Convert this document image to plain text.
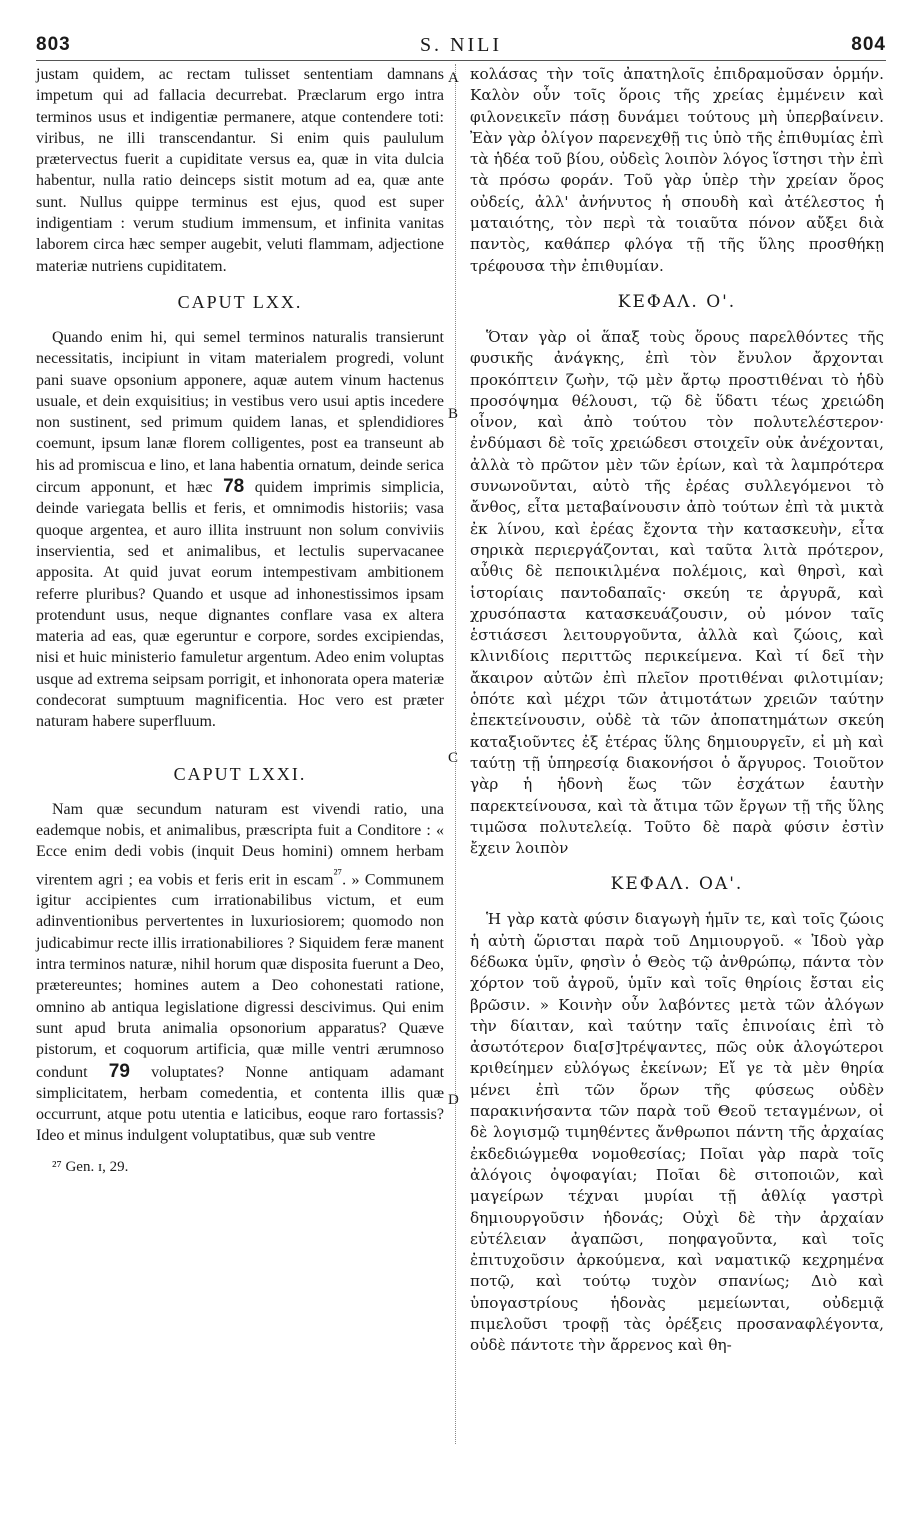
803	S. NILI	804
A
B
C
D

justam quidem, ac rectam tulisset sententiam damnans impetum qui ad fallacia decurrebat. Præclarum ergo intra terminos usus et indigentiæ permanere, atque contendere toti: viribus, ne illi transcendantur. Si enim quis paululum prætervectus fuerit a cupiditate versus ea, quæ in vita dulcia habentur, nulla ratio deinceps sistit motum ad ea, quæ ante sunt. Nullus quippe terminus est ejus, quod est super indigentiam : verum studium immensum, et infinita vanitas laborem circa hæc semper augebit, veluti flammam, adjectione materiæ nutriens cupiditatem.

CAPUT LXX.

Quando enim hi, qui semel terminos naturalis transierunt necessitatis, incipiunt in vitam materialem progredi, volunt pani suave opsonium apponere, aquæ autem vinum hactenus usuale, et dein exquisitius; in vestibus vero usui aptis incedere non sustinent, sed primum quidem lanas, et splendidiores coemunt, ipsum lanæ florem colligentes, post ea transeunt ab his ad promiscua e lino, et lana habentia ornatum, deinde serica circum apponunt, et hæc 78 quidem imprimis simplicia, deinde variegata bellis et feris, et omnimodis historiis; vasa quoque argentea, et auro illita instruunt non solum conviviis inservientia, sed et animalibus, et lectulis supervacanee apposita. At quid juvat eorum intempestivam ambitionem referre pluribus? Quando et usque ad inhonestissimos ipsam protendunt usus, neque dignantes conflare vasa ex altera materia ad eas, quæ egeruntur e corpore, sordes excipiendas, nisi et huic ministerio famuletur argentum. Adeo enim voluptas usque ad extrema seipsam porrigit, et inhonorata opera materiæ condecorat sumptuum magnificentia. Hoc vero est præter naturam habere superfluum.

CAPUT LXXI.

Nam quæ secundum naturam est vivendi ratio, una eademque nobis, et animalibus, præscripta fuit a Conditore : « Ecce enim dedi vobis (inquit Deus homini) omnem herbam virentem agri ; ea vobis et feris erit in escam$^{^{27}}$. » Communem igitur accipientes cum irrationabilibus victum, et eum adinventionibus pervertentes in luxuriosiorem; quomodo non judicabimur recte illis irrationabiliores ? Siquidem feræ manent intra terminos naturæ, nihil horum quæ disposita fuerunt a Deo, prætereuntes; homines autem a Deo cohonestati ratione, omnino ab antiqua legislatione digressi descivimus. Qui enim sunt apud bruta animalia opsonorium apparatus? Quæve pistorum, et coquorum artificia, quæ mille ventri ærumnoso condunt 79 voluptates? Nonne antiquam adamant simplicitatem, herbam comedentia, et contenta illis quæ occurrunt, atque potu utentia e laticibus, eoque raro fortassis? Ideo et minus indulgent voluptatibus, quæ sub ventre

²⁷ Gen. ɪ, 29.

κολάσας τὴν τοῖς ἀπατηλοῖς ἐπιδραμοῦσαν ὁρμήν. Καλὸν οὖν τοῖς ὅροις τῆς χρείας ἐμμένειν καὶ φιλονεικεῖν πάσῃ δυνάμει τούτους μὴ ὑπερβαίνειν. Ἐὰν γὰρ ὀλίγον παρενεχθῇ τις ὑπὸ τῆς ἐπιθυμίας ἐπὶ τὰ ἡδέα τοῦ βίου, οὐδεὶς λοιπὸν λόγος ἵστησι τὴν ἐπὶ τὰ πρόσω φοράν. Τοῦ γὰρ ὑπὲρ τὴν χρείαν ὅρος οὐδείς, ἀλλ' ἀνήνυτος ἡ σπουδὴ καὶ ἀτέλεστος ἡ ματαιότης, τὸν περὶ τὰ τοιαῦτα πόνον αὔξει διὰ παντὸς, καθάπερ φλόγα τῇ τῆς ὕλης προσθήκῃ τρέφουσα τὴν ἐπιθυμίαν.

ΚΕΦΑΛ. Ο'.

Ὅταν γὰρ οἱ ἅπαξ τοὺς ὅρους παρελθόντες τῆς φυσικῆς ἀνάγκης, ἐπὶ τὸν ἔνυλον ἄρχονται προκόπτειν ζωὴν, τῷ μὲν ἄρτῳ προστιθέναι τὸ ἡδὺ προσόψημα θέλουσι, τῷ δὲ ὕδατι τέως χρειώδη οἶνον, καὶ ἀπὸ τούτου τὸν πολυτελέστερον· ἐνδύμασι δὲ τοῖς χρειώδεσι στοιχεῖν οὐκ ἀνέχονται, ἀλλὰ τὸ πρῶτον μὲν τῶν ἐρίων, καὶ τὰ λαμπρότερα συνωνοῦνται, αὐτὸ τῆς ἐρέας συλλεγόμενοι τὸ ἄνθος, εἶτα μεταβαίνουσιν ἀπὸ τούτων ἐπὶ τὰ μικτὰ ἐκ λίνου, καὶ ἐρέας ἔχοντα τὴν κατασκευὴν, εἶτα σηρικὰ περιεργάζονται, καὶ ταῦτα λιτὰ πρότερον, αὖθις δὲ πεποικιλμένα πολέμοις, καὶ θηρσὶ, καὶ ἱστορίαις παντοδαπαῖς· σκεύη τε ἀργυρᾶ, καὶ χρυσόπαστα κατασκευάζουσιν, οὐ μόνον ταῖς ἑστιάσεσι λειτουργοῦντα, ἀλλὰ καὶ ζώοις, καὶ κλινιδίοις περιττῶς περικείμενα. Καὶ τί δεῖ τὴν ἄκαιρον αὐτῶν ἐπὶ πλεῖον προτιθέναι φιλοτιμίαν; ὁπότε καὶ μέχρι τῶν ἀτιμοτάτων χρειῶν ταύτην ἐπεκτείνουσιν, οὐδὲ τὰ τῶν ἀποπατημάτων σκεύη καταξιοῦντες ἐξ ἑτέρας ὕλης δημιουργεῖν, εἰ μὴ καὶ ταύτῃ τῇ ὑπηρεσίᾳ διακονήσοι ὁ ἄργυρος. Τοιοῦτον γὰρ ἡ ἡδονὴ ἕως τῶν ἐσχάτων ἑαυτὴν παρεκτείνουσα, καὶ τὰ ἄτιμα τῶν ἔργων τῇ τῆς ὕλης τιμῶσα πολυτελείᾳ. Τοῦτο δὲ παρὰ φύσιν ἐστὶν ἔχειν λοιπὸν

ΚΕΦΑΛ. ΟΑ'.

Ἡ γὰρ κατὰ φύσιν διαγωγὴ ἡμῖν τε, καὶ τοῖς ζώοις ἡ αὐτὴ ὥρισται παρὰ τοῦ Δημιουργοῦ. « Ἰδοὺ γὰρ δέδωκα ὑμῖν, φησὶν ὁ Θεὸς τῷ ἀνθρώπῳ, πάντα τὸν χόρτον τοῦ ἀγροῦ, ὑμῖν καὶ τοῖς θηρίοις ἔσται εἰς βρῶσιν. » Κοινὴν οὖν λαβόντες μετὰ τῶν ἀλόγων τὴν δίαιταν, καὶ ταύτην ταῖς ἐπινοίαις ἐπὶ τὸ ἀσωτότερον δια[σ]τρέψαντες, πῶς οὐκ ἀλογώτεροι κριθείημεν εὐλόγως ἐκείνων; Εἴ γε τὰ μὲν θηρία μένει ἐπὶ τῶν ὅρων τῆς φύσεως οὐδὲν παρακινήσαντα τῶν παρὰ τοῦ Θεοῦ τεταγμένων, οἱ δὲ λογισμῷ τιμηθέντες ἄνθρωποι πάντη τῆς ἀρχαίας ἐκδεδιώγμεθα νομοθεσίας; Ποῖαι γὰρ παρὰ τοῖς ἀλόγοις ὀψοφαγίαι; Ποῖαι δὲ σιτοποιῶν, καὶ μαγείρων τέχναι μυρίαι τῇ ἀθλίᾳ γαστρὶ δημιουργοῦσιν ἡδονάς; Οὐχὶ δὲ τὴν ἀρχαίαν εὐτέλειαν ἀγαπῶσι, ποηφαγοῦντα, καὶ τοῖς ἐπιτυχοῦσιν ἀρκούμενα, καὶ ναματικῷ κεχρημένα ποτῷ, καὶ τούτῳ τυχὸν σπανίως; Διὸ καὶ ὑπογαστρίους ἡδονὰς μεμείωνται, οὐδεμιᾷ πιμελοῦσι τροφῇ τὰς ὀρέξεις προσαναφλέγοντα, οὐδὲ πάντοτε τὴν ἄρρενος καὶ θη-
